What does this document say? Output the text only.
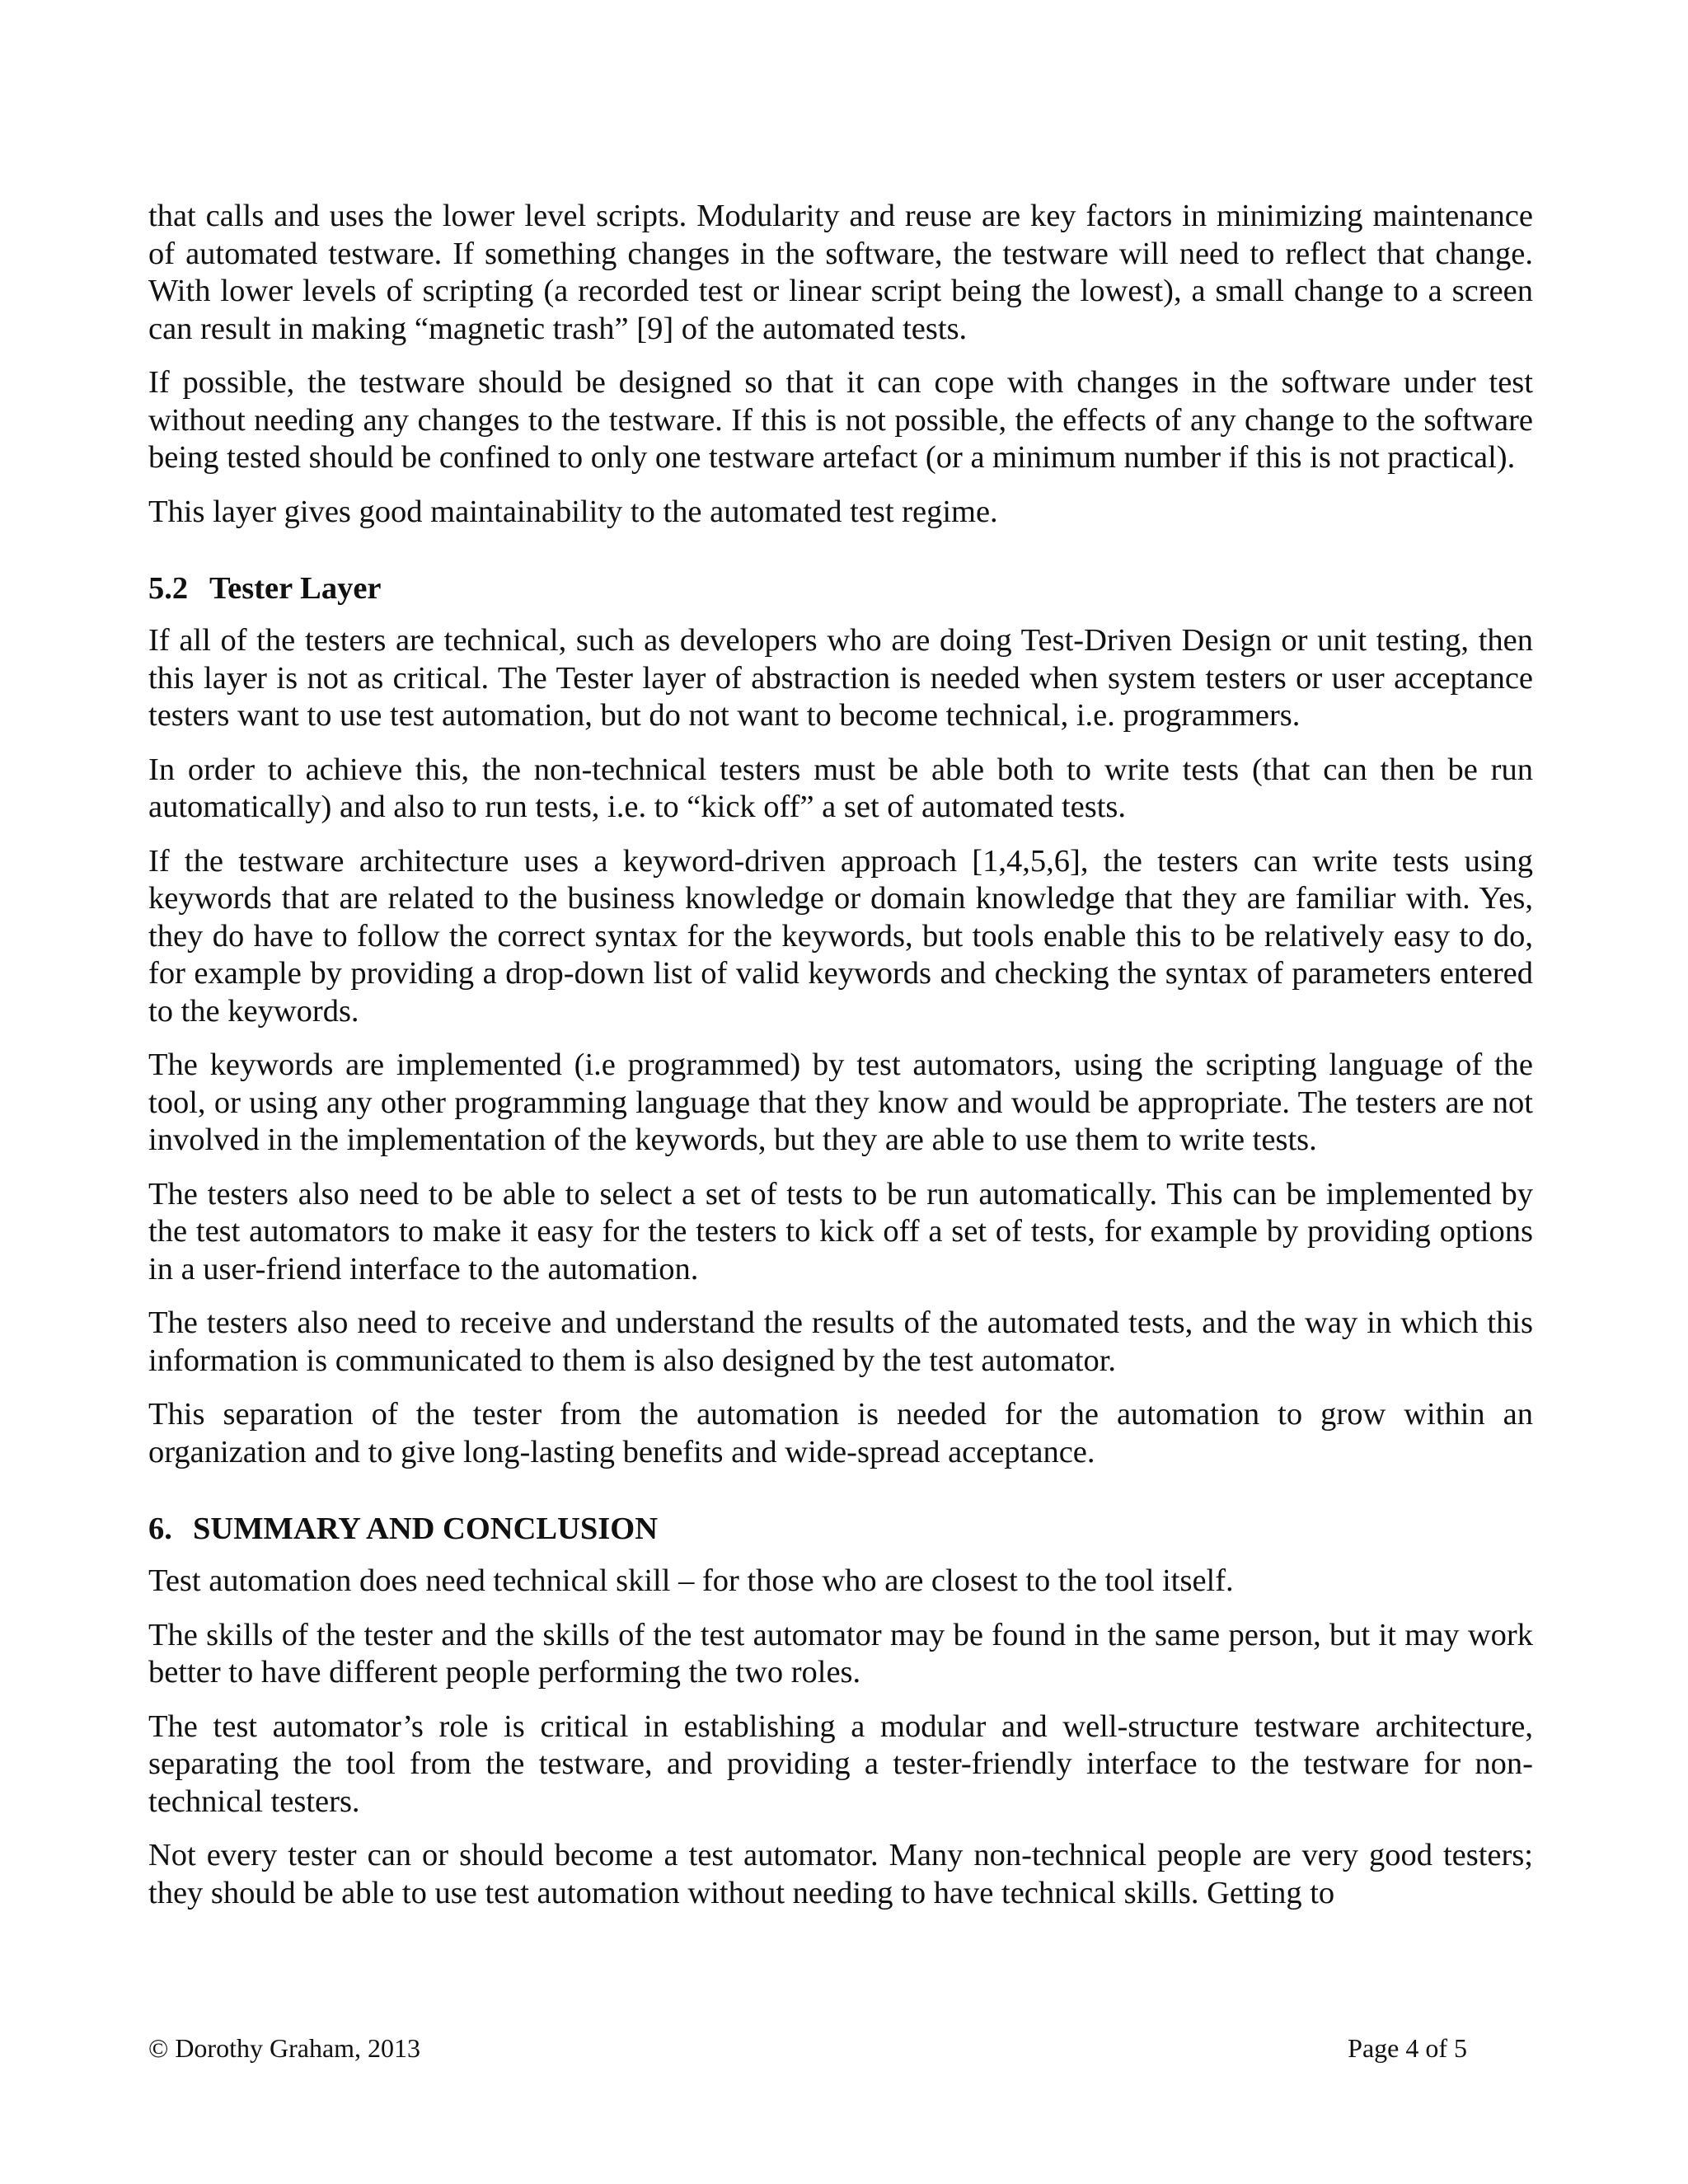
that calls and uses the lower level scripts. Modularity and reuse are key factors in minimizing maintenance of automated testware. If something changes in the software, the testware will need to reflect that change. With lower levels of scripting (a recorded test or linear script being the lowest), a small change to a screen can result in making “magnetic trash” [9] of the automated tests.

If possible, the testware should be designed so that it can cope with changes in the software under test without needing any changes to the testware. If this is not possible, the effects of any change to the software being tested should be confined to only one testware artefact (or a minimum number if this is not practical).

This layer gives good maintainability to the automated test regime.

5.2 Tester Layer

If all of the testers are technical, such as developers who are doing Test-Driven Design or unit testing, then this layer is not as critical. The Tester layer of abstraction is needed when system testers or user acceptance testers want to use test automation, but do not want to become technical, i.e. programmers.

In order to achieve this, the non-technical testers must be able both to write tests (that can then be run automatically) and also to run tests, i.e. to “kick off” a set of automated tests.

If the testware architecture uses a keyword-driven approach [1,4,5,6], the testers can write tests using keywords that are related to the business knowledge or domain knowledge that they are familiar with. Yes, they do have to follow the correct syntax for the keywords, but tools enable this to be relatively easy to do, for example by providing a drop-down list of valid keywords and checking the syntax of parameters entered to the keywords.

The keywords are implemented (i.e programmed) by test automators, using the scripting language of the tool, or using any other programming language that they know and would be appropriate. The testers are not involved in the implementation of the keywords, but they are able to use them to write tests.

The testers also need to be able to select a set of tests to be run automatically. This can be implemented by the test automators to make it easy for the testers to kick off a set of tests, for example by providing options in a user-friend interface to the automation.

The testers also need to receive and understand the results of the automated tests, and the way in which this information is communicated to them is also designed by the test automator.

This separation of the tester from the automation is needed for the automation to grow within an organization and to give long-lasting benefits and wide-spread acceptance.

6. SUMMARY AND CONCLUSION

Test automation does need technical skill – for those who are closest to the tool itself.

The skills of the tester and the skills of the test automator may be found in the same person, but it may work better to have different people performing the two roles.

The test automator’s role is critical in establishing a modular and well-structure testware architecture, separating the tool from the testware, and providing a tester-friendly interface to the testware for non-technical testers.

Not every tester can or should become a test automator. Many non-technical people are very good testers; they should be able to use test automation without needing to have technical skills. Getting to

© Dorothy Graham, 2013	Page 4 of 5
